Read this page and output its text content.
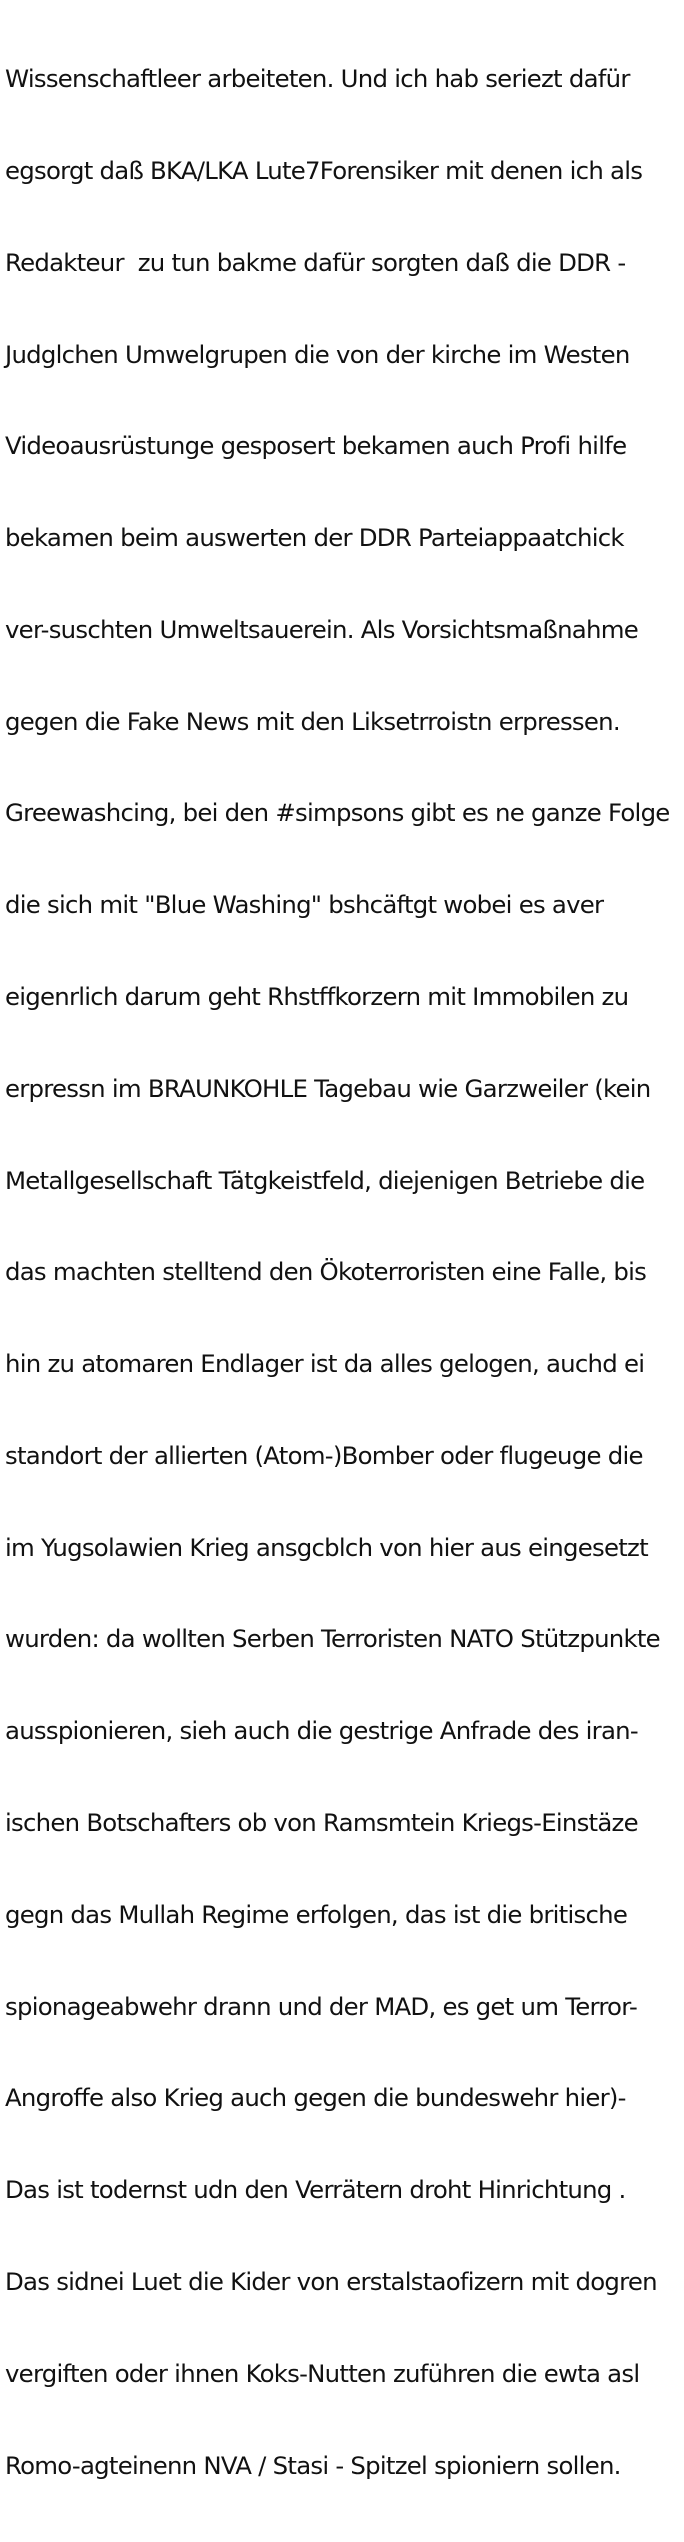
Wissenschaftleer arbeiteten. Und ich hab seriezt dafür

egsorgt daß BKA/LKA Lute7Forensiker mit denen ich als

Redakteur  zu tun bakme dafür sorgten daß die DDR -

Judglchen Umwelgrupen die von der kirche im Westen

Videoausrüstunge gesposert bekamen auch Profi hilfe

bekamen beim auswerten der DDR Parteiappaatchick

ver-suschten Umweltsauerein. Als Vorsichtsmaßnahme

gegen die Fake News mit den Liksetrroistn erpressen.

Greewashcing, bei den #simpsons gibt es ne ganze Folge

die sich mit "Blue Washing" bshcäftgt wobei es aver

eigenrlich darum geht Rhstffkorzern mit Immobilen zu

erpressn im BRAUNKOHLE Tagebau wie Garzweiler (kein

Metallgesellschaft Tätgkeistfeld, diejenigen Betriebe die

das machten stelltend den Ökoterroristen eine Falle, bis

hin zu atomaren Endlager ist da alles gelogen, auchd ei

standort der allierten (Atom-)Bomber oder flugeuge die

im Yugsolawien Krieg ansgcblch von hier aus eingesetzt

wurden: da wollten Serben Terroristen NATO Stützpunkte

ausspionieren, sieh auch die gestrige Anfrade des iran-

ischen Botschafters ob von Ramsmtein Kriegs-Einstäze

gegn das Mullah Regime erfolgen, das ist die britische

spionageabwehr drann und der MAD, es get um Terror-

Angroffe also Krieg auch gegen die bundeswehr hier)-

Das ist todernst udn den Verrätern droht Hinrichtung .

Das sidnei Luet die Kider von erstalstaofizern mit dogren

vergiften oder ihnen Koks-Nutten zuführen die ewta asl

Romo-agteinenn NVA / Stasi - Spitzel spioniern sollen.
